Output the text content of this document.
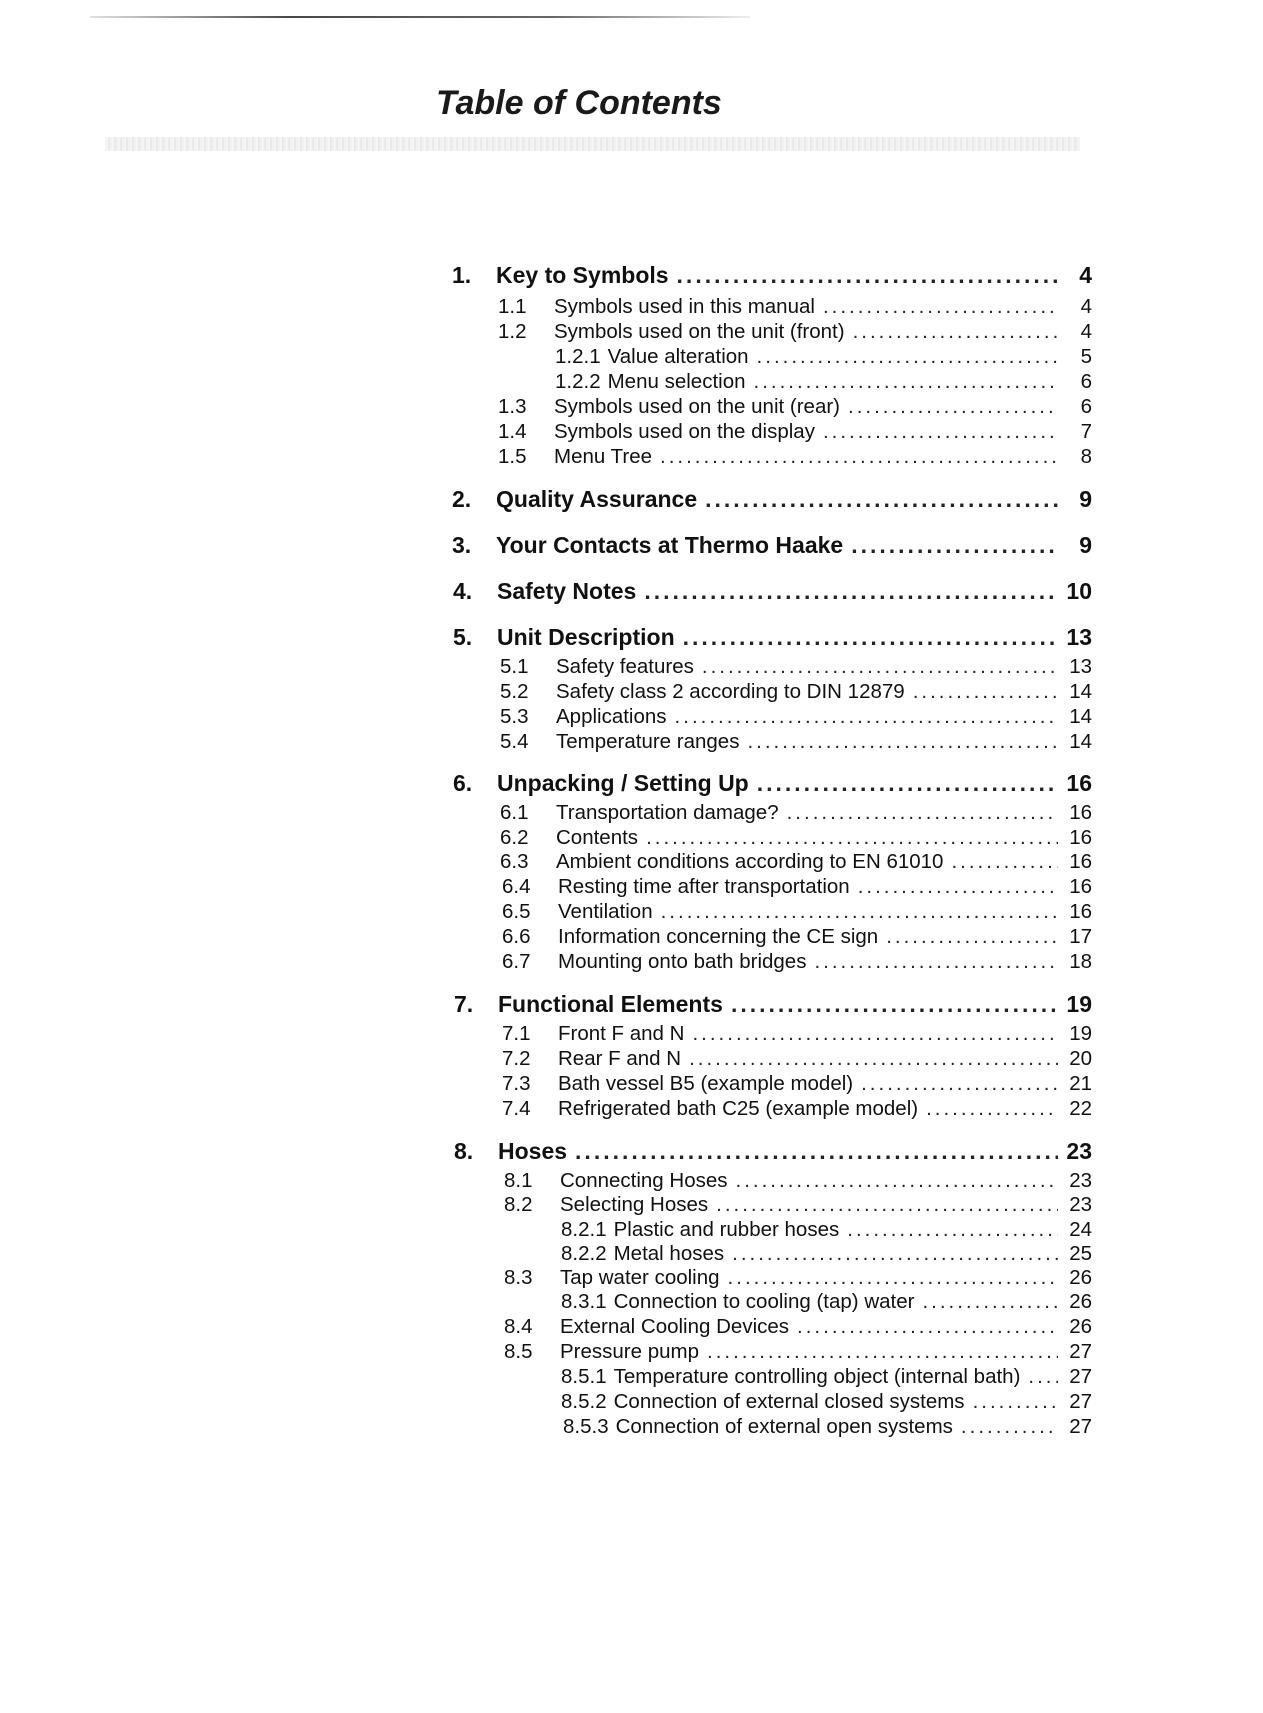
Table of Contents
1.	Key to Symbols .....	4
1.1	Symbols used in this manual .....	4
1.2	Symbols used on the unit (front) .....	4
1.2.1 Value alteration .....	5
1.2.2 Menu selection .....	6
1.3	Symbols used on the unit (rear) .....	6
1.4	Symbols used on the display .....	7
1.5	Menu Tree .....	8
2.	Quality Assurance .....	9
3.	Your Contacts at Thermo Haake .....	9
4.	Safety Notes .....	10
5.	Unit Description .....	13
5.1	Safety features .....	13
5.2	Safety class 2 according to DIN 12879 .....	14
5.3	Applications .....	14
5.4	Temperature ranges .....	14
6.	Unpacking / Setting Up .....	16
6.1	Transportation damage? .....	16
6.2	Contents .....	16
6.3	Ambient conditions according to EN 61010 .....	16
6.4	Resting time after transportation .....	16
6.5	Ventilation .....	16
6.6	Information concerning the CE sign .....	17
6.7	Mounting onto bath bridges .....	18
7.	Functional Elements .....	19
7.1	Front F and N .....	19
7.2	Rear F and N .....	20
7.3	Bath vessel B5 (example model) .....	21
7.4	Refrigerated bath C25 (example model) .....	22
8.	Hoses .....	23
8.1	Connecting Hoses .....	23
8.2	Selecting Hoses .....	23
8.2.1 Plastic and rubber hoses .....	24
8.2.2 Metal hoses .....	25
8.3	Tap water cooling .....	26
8.3.1 Connection to cooling (tap) water .....	26
8.4	External Cooling Devices .....	26
8.5	Pressure pump .....	27
8.5.1 Temperature controlling object (internal bath) ..... 27
8.5.2 Connection of external closed systems .....	27
8.5.3 Connection of external open systems .....	27
